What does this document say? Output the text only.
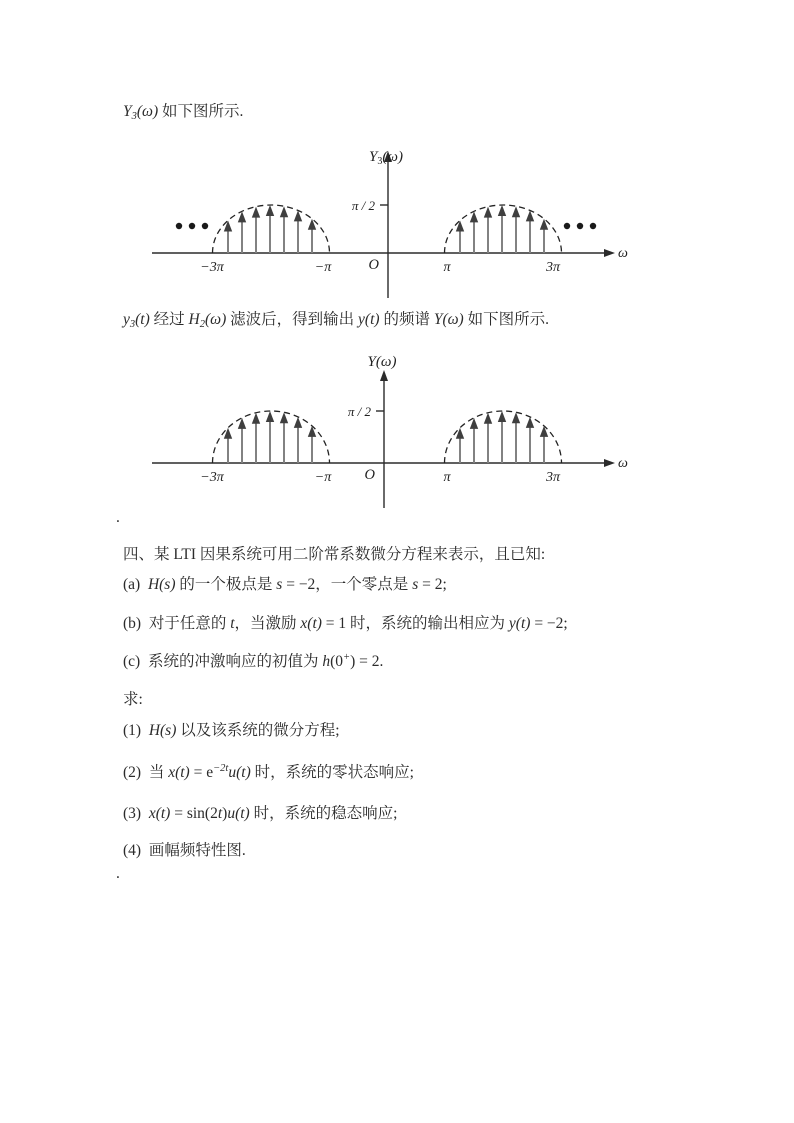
.
(4)  画幅频特性图.
(3)  x(t) = sin(2t)u(t) 时，系统的稳态响应;
(2)  当 $x(t) = e^{-2t}u(t)$ 时，系统的零状态响应;
(1)  H(s) 以及该系统的微分方程;
求:
(c)  系统的冲激响应的初值为 h(0+) = 2.
(b)  对于任意的 t，当激励 x(t) = 1 时，系统的输出相应为 y(t) = −2;
(a)  H(s) 的一个极点是 s = −2，一个零点是 s = 2;
四、某 LTI 因果系统可用二阶常系数微分方程来表示，且已知:
.
y3(t) 经过 H2(ω) 滤波后，得到输出 y(t) 的频谱 Y(ω) 如下图所示.
Y3(ω) 如下图所示.
π / 2
O
ω
−3π	−π	π	3π
$Y_3(\omega)$
π / 2
O
ω
−3π	−π	π	3π
Y(ω)
